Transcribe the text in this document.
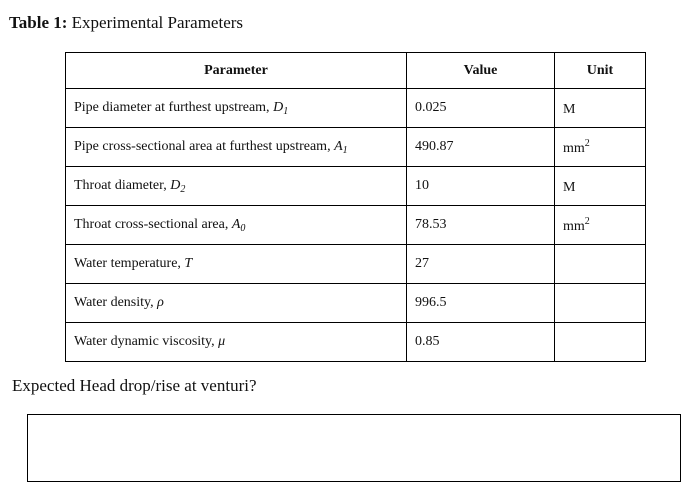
Table 1: Experimental Parameters
Parameter	Value	Unit
Pipe diameter at furthest upstream, $D_1$	0.025	M
Pipe cross-sectional area at furthest upstream, $A_1$	490.87	$mm^2$
Throat diameter, $D_2$	10	M
Throat cross-sectional area, $A_0$	78.53	$mm^2$
Water temperature, T	27	
Water density, ρ	996.5	
Water dynamic viscosity, μ	0.85	
Expected Head drop/rise at venturi?
